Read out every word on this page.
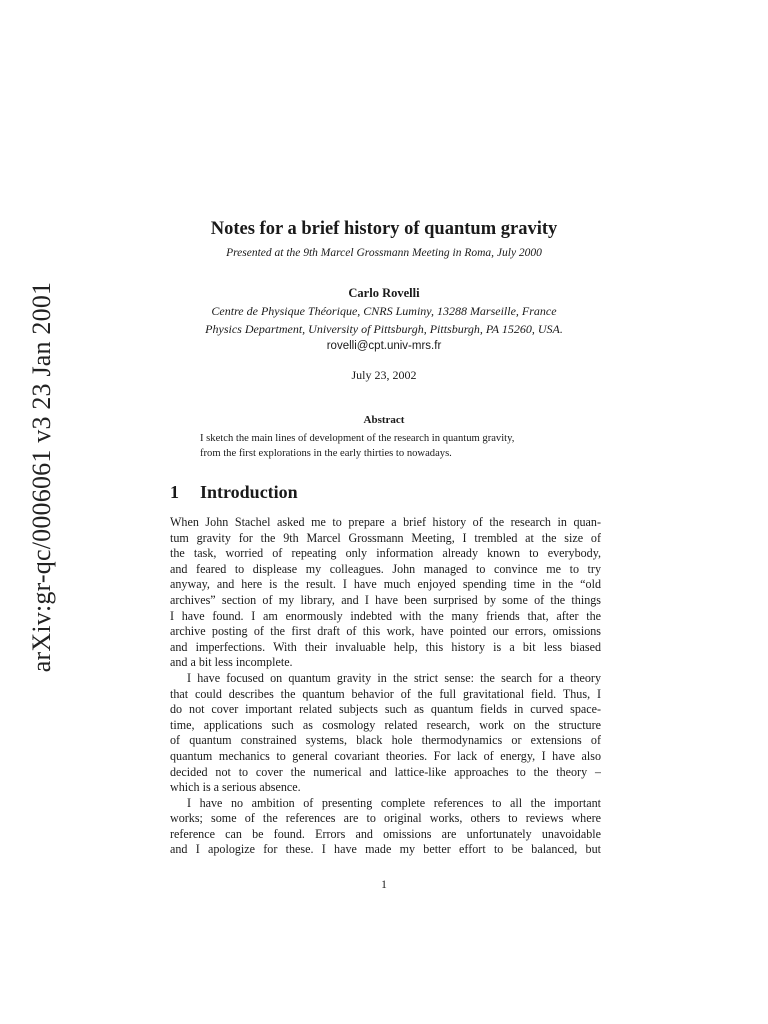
arXiv:gr-qc/0006061 v3 23 Jan 2001
Notes for a brief history of quantum gravity
Presented at the 9th Marcel Grossmann Meeting in Roma, July 2000
Carlo Rovelli
Centre de Physique Théorique, CNRS Luminy, 13288 Marseille, France
Physics Department, University of Pittsburgh, Pittsburgh, PA 15260, USA.
rovelli@cpt.univ-mrs.fr
July 23, 2002
Abstract
I sketch the main lines of development of the research in quantum gravity,
from the first explorations in the early thirties to nowadays.
1 Introduction
When John Stachel asked me to prepare a brief history of the research in quan-
tum gravity for the 9th Marcel Grossmann Meeting, I trembled at the size of
the task, worried of repeating only information already known to everybody,
and feared to displease my colleagues. John managed to convince me to try
anyway, and here is the result. I have much enjoyed spending time in the “old
archives” section of my library, and I have been surprised by some of the things
I have found. I am enormously indebted with the many friends that, after the
archive posting of the first draft of this work, have pointed our errors, omissions
and imperfections. With their invaluable help, this history is a bit less biased
and a bit less incomplete.
I have focused on quantum gravity in the strict sense: the search for a theory
that could describes the quantum behavior of the full gravitational field. Thus, I
do not cover important related subjects such as quantum fields in curved space-
time, applications such as cosmology related research, work on the structure
of quantum constrained systems, black hole thermodynamics or extensions of
quantum mechanics to general covariant theories. For lack of energy, I have also
decided not to cover the numerical and lattice-like approaches to the theory –
which is a serious absence.
I have no ambition of presenting complete references to all the important
works; some of the references are to original works, others to reviews where
reference can be found. Errors and omissions are unfortunately unavoidable
and I apologize for these. I have made my better effort to be balanced, but
1
